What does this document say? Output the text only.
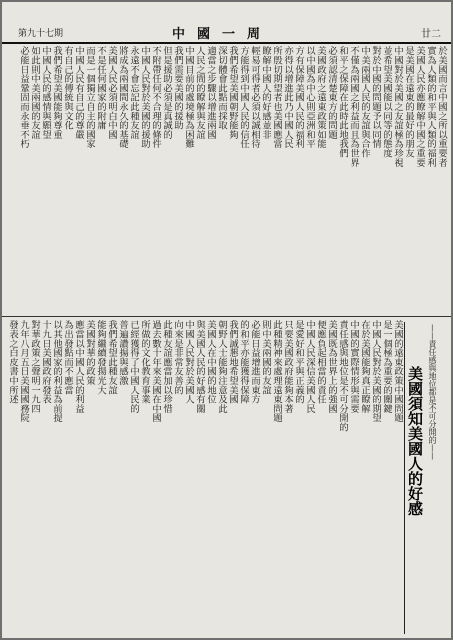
第九十七期	中國一周	廿二
於美國而言中國之所以重要者
實為人類的和平與人類的福利
美國人民亦應瞭解中國之重要
是美國在遠東的最好的朋友
中國對於美國之友誼極為珍視
並希望美國能以同等的態度
對於中國的問題予以同情
中美兩國人民的友誼與合作
不僅為兩國之利益而且為世界
和平之保障在此時此地我們
必須認清楚東方的問題
美國政府之遠東政策如能
以中國為中心則亞洲和平
方有保障美國人民的福利
亦得以增進此乃中國人民
所殷切期望者也美國應當
瞭解中國人的好感並非
輕易可得者必須以誠相待
方能得到中國人民的信任
我們希望美國朝野能夠
深切體會此點而採取
適當之步驟以增進兩國
人民之間的瞭解與友誼
中國目前的處境極為困難
我們需要美國的援助
但是援助必須是真誠的
不附帶任何不合理的條件
中國人民對於美國的援助
永遠不會忘記此種友誼
將成為兩國間永久的基礎
美國人民必須明白中國
不是任何國家的附庸
而是一個獨立自主的國家
中國人民有自己的尊嚴
有自己的傳統與文化
我們希望美國能夠尊重
中國人民的感情與願望
如此則中美兩國的友誼
必能日益鞏固而永垂不朽
美國的遠東政策中國問題
是一個極為重要的關鍵
中國人民對於美國的期望
在於美國能夠真正瞭解
中國的實際情形與需要
責任感與地位是不可分開的
美國既為世界上的強國
便應負起相當的責任
中國人民深信美國人民
是愛好和平與正義的
只要美國政府能夠本著
此種精神來處理遠東問題
則中美兩國的友誼
必能日益增進而東方
的和平亦能獲得保障
我們誠懇地希望美國
朝野人士能夠注意及此
美國人在中國的地位
與美國人民的好感有關
中國人民對於美國人
向來是非常友善的
此種友誼應當加以珍惜
過去數十年來美國在中國
所做的文化教育事業
已經獲得了中國人民的
普遍讚揚與感激
我們希望此種友誼
能夠繼續發揚光大
美國對華的政策
應當以中國人民的利益
為出發點而不應當
以其他國家的利益為前提
十九日美國政府發表
對華政策之聲明一九四
九年八月五日美國國務院
發表之白皮書中所述
美國須知美國人的好感 ——責任感與地位都是不可分開的——
